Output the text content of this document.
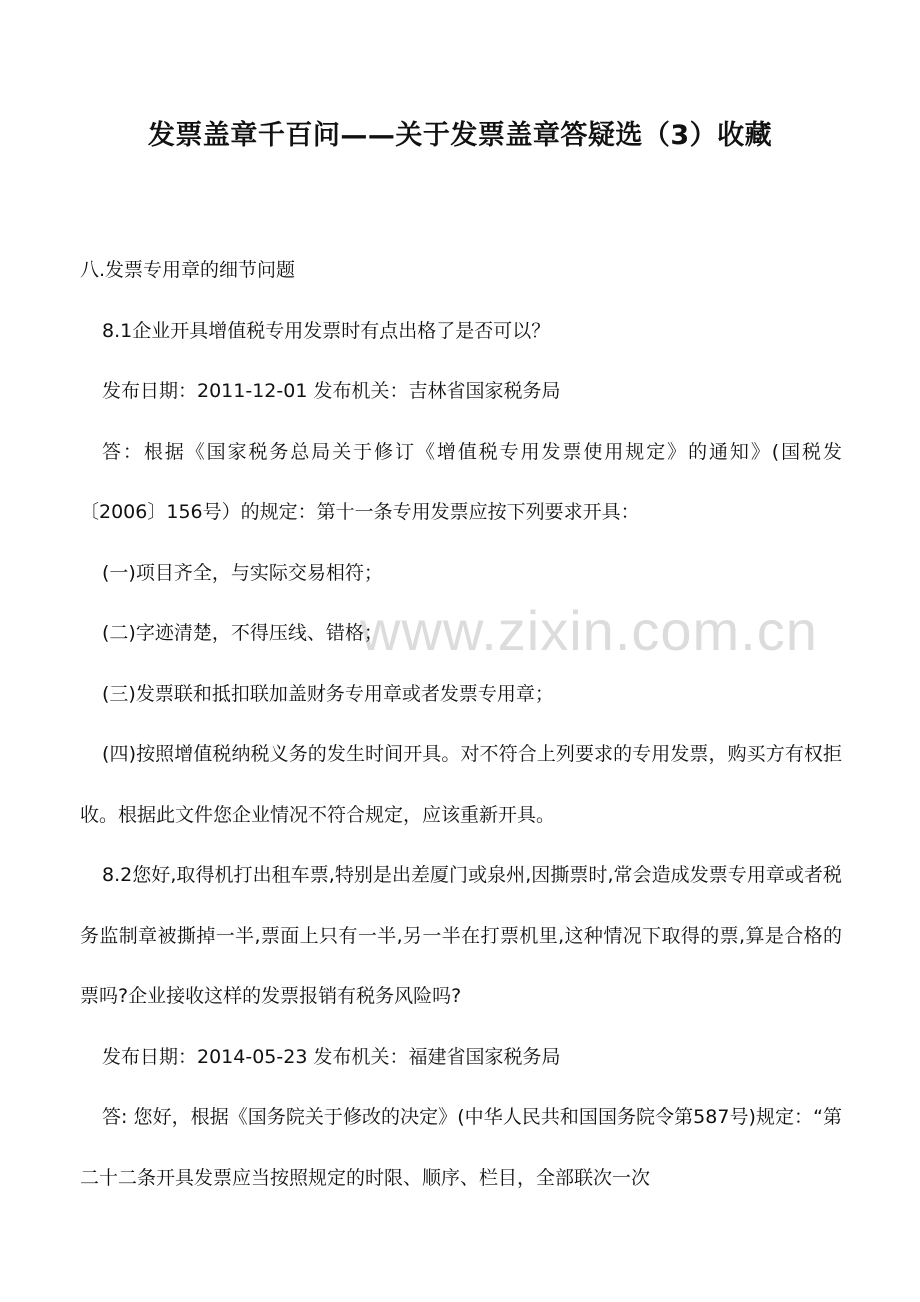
www.zixin.com.cn
发票盖章千百问——关于发票盖章答疑选（3）收藏

八.发票专用章的细节问题

8.1企业开具增值税专用发票时有点出格了是否可以？

发布日期：2011-12-01 发布机关：吉林省国家税务局

答：根据《国家税务总局关于修订《增值税专用发票使用规定》的通知》(国税发〔2006〕156号）的规定：第十一条专用发票应按下列要求开具：

(一)项目齐全，与实际交易相符；

(二)字迹清楚，不得压线、错格；

(三)发票联和抵扣联加盖财务专用章或者发票专用章；

(四)按照增值税纳税义务的发生时间开具。对不符合上列要求的专用发票，购买方有权拒收。根据此文件您企业情况不符合规定，应该重新开具。

8.2您好,取得机打出租车票,特别是出差厦门或泉州,因撕票时,常会造成发票专用章或者税务监制章被撕掉一半,票面上只有一半,另一半在打票机里,这种情况下取得的票,算是合格的票吗?企业接收这样的发票报销有税务风险吗?

发布日期：2014-05-23 发布机关：福建省国家税务局

答: 您好，根据《国务院关于修改的决定》(中华人民共和国国务院令第587号)规定：“第二十二条开具发票应当按照规定的时限、顺序、栏目，全部联次一次
